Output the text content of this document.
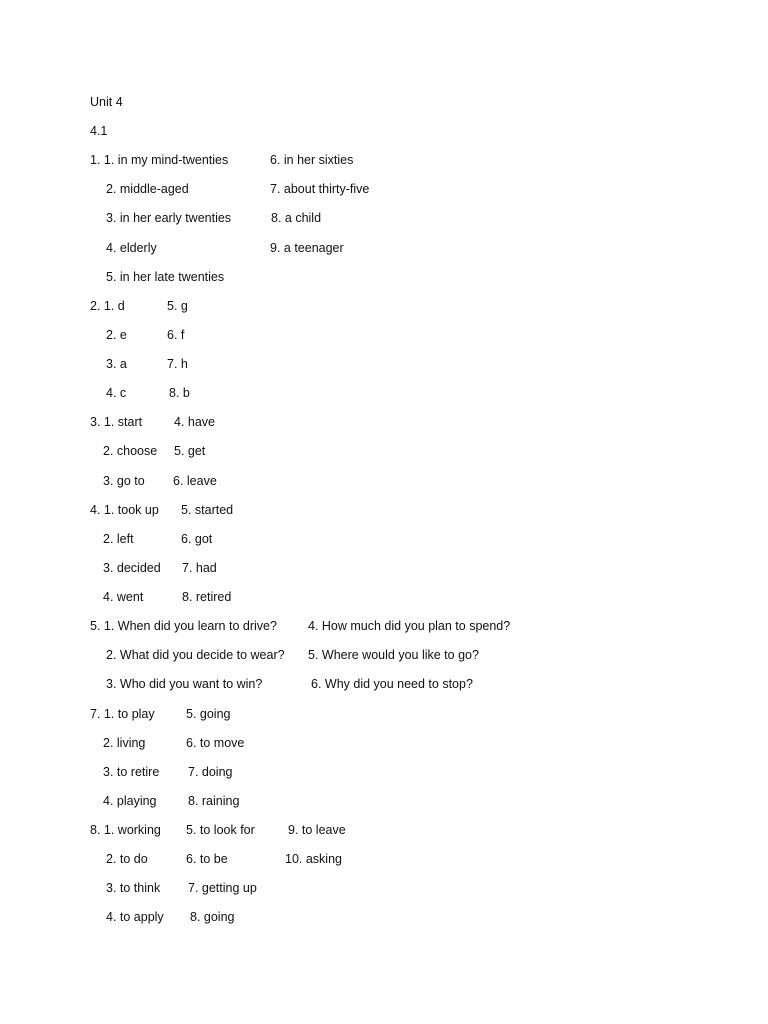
Unit 4
4.1
1. 1. in my mind-twenties	6. in her sixties
2. middle-aged	7. about thirty-five
3. in her early twenties	8. a child
4. elderly	9. a teenager
5. in her late twenties
2. 1. d	5. g
2. e	6. f
3. a	7. h
4. c	8. b
3. 1. start	4. have
2. choose 5. get
3. go to 6. leave
4. 1. took up 5. started
2. left	6. got
3. decided 7. had
4. went	8. retired
5. 1. When did you learn to drive? 4. How much did you plan to spend?
2. What did you decide to wear? 5. Where would you like to go?
3. Who did you want to win?	6. Why did you need to stop?
7. 1. to play	5. going
2. living	6. to move
3. to retire 7. doing
4. playing	8. raining
8. 1. working 5. to look for	9. to leave
2. to do	6. to be	10. asking
3. to think 7. getting up
4. to apply 8. going
